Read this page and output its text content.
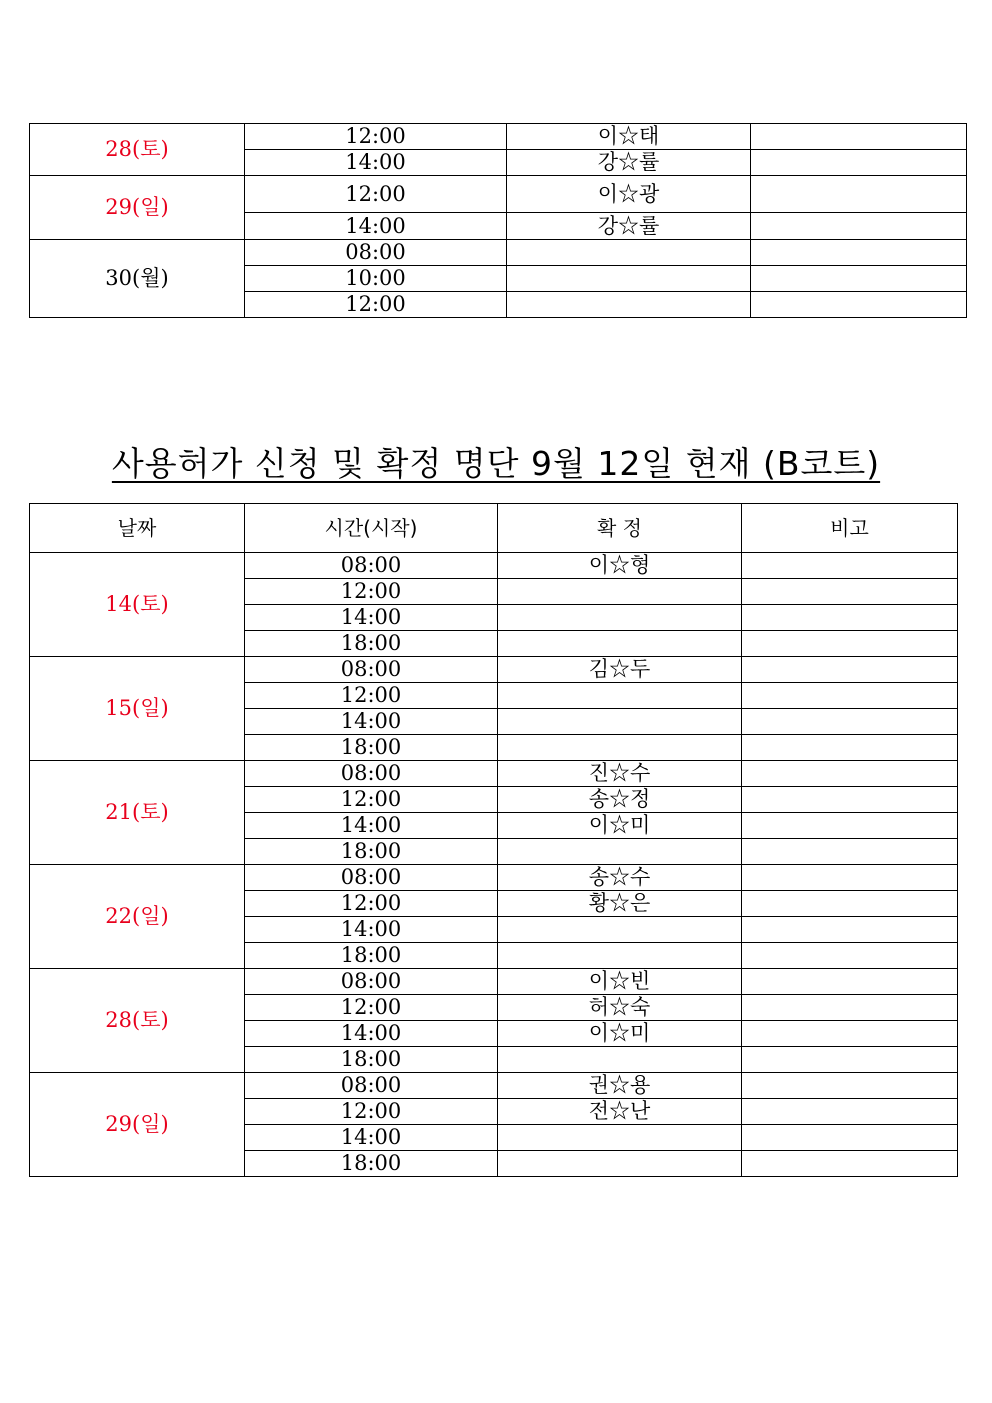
28(토)	12:00	이☆태	
	14:00	강☆률	
29(일)	12:00	이☆광	
	14:00	강☆률	
30(월)	08:00		
	10:00		
	12:00		
사용허가 신청 및 확정 명단 9월 12일 현재 (B코트)
날짜	시간(시작)	확 정	비고
14(토)	08:00	이☆형	
	12:00		
	14:00		
	18:00		
15(일)	08:00	김☆두	
	12:00		
	14:00		
	18:00		
21(토)	08:00	진☆수	
	12:00	송☆정	
	14:00	이☆미	
	18:00		
22(일)	08:00	송☆수	
	12:00	황☆은	
	14:00		
	18:00		
28(토)	08:00	이☆빈	
	12:00	허☆숙	
	14:00	이☆미	
	18:00		
29(일)	08:00	권☆용	
	12:00	전☆난	
	14:00		
	18:00		
